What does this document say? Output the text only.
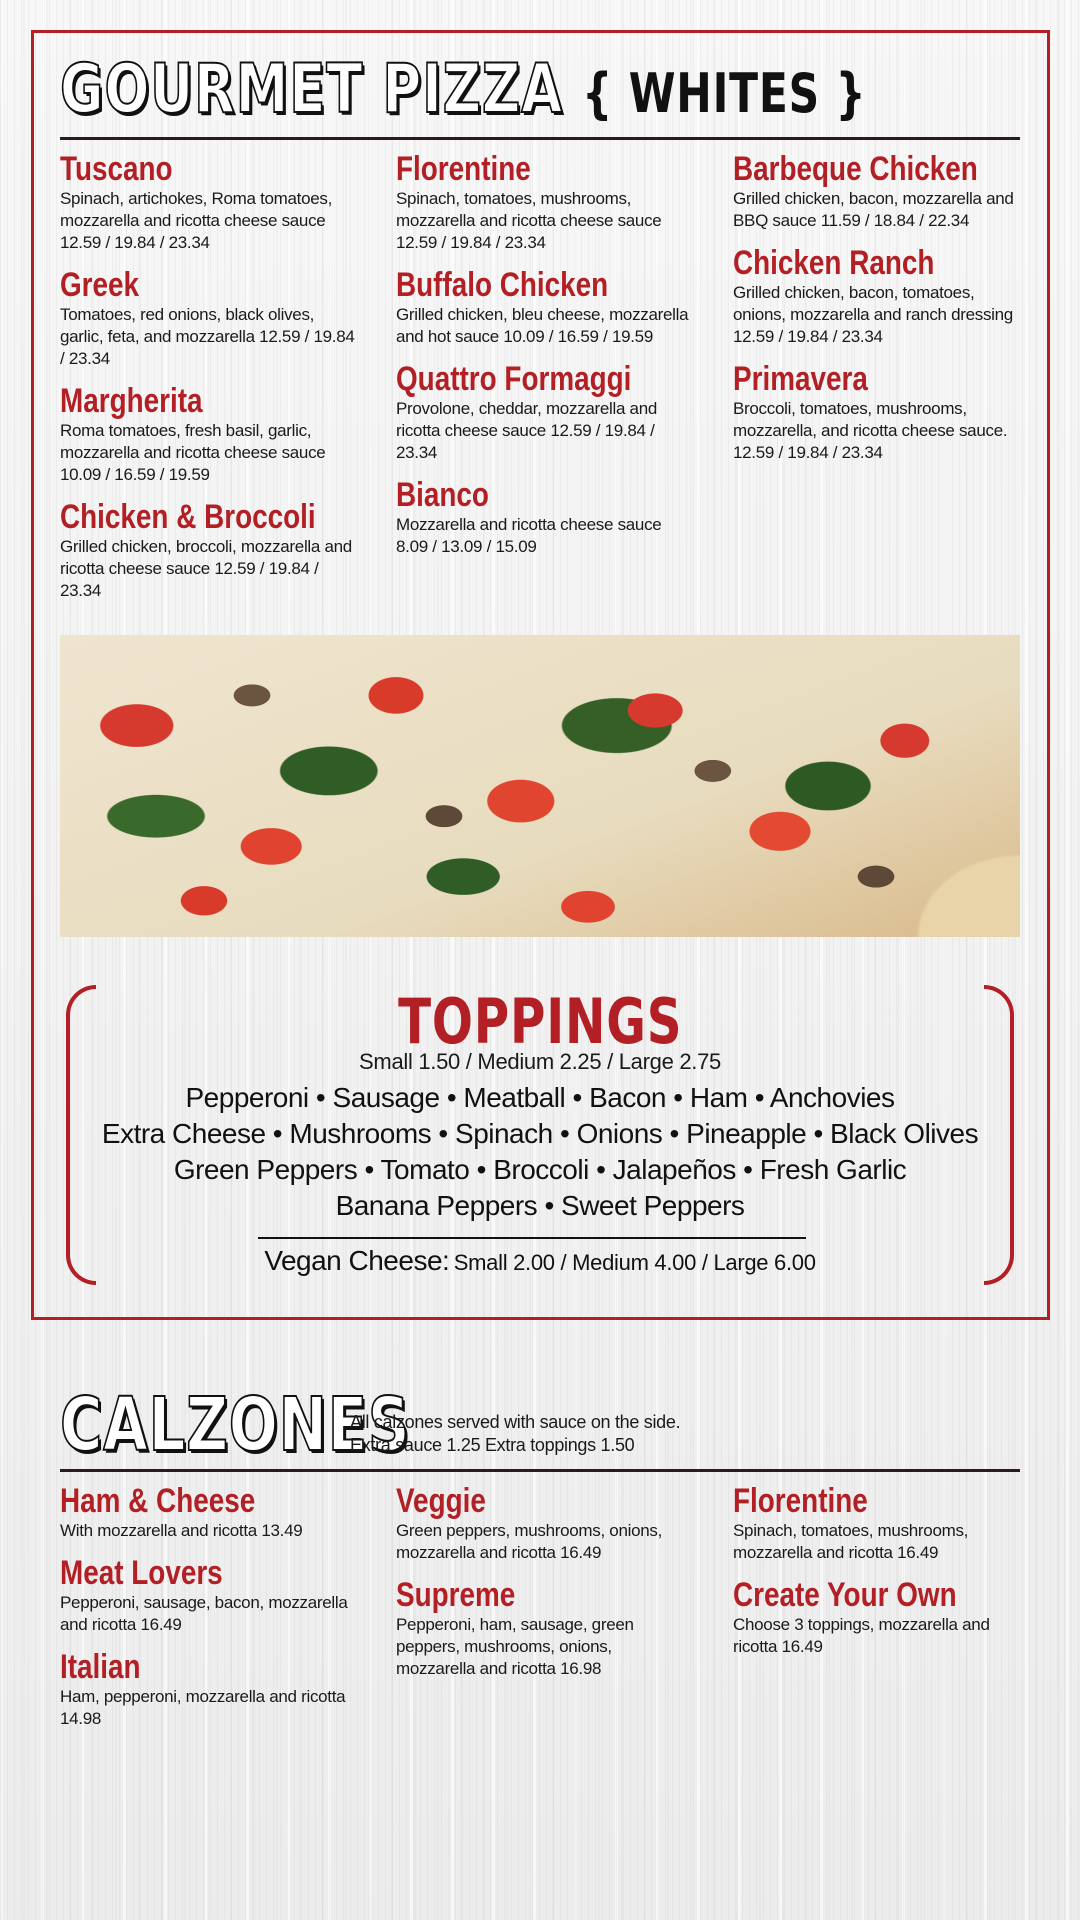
GOURMET PIZZA { WHITES }
Tuscano
Spinach, artichokes, Roma tomatoes, mozzarella and ricotta cheese sauce 12.59 / 19.84 / 23.34
Greek
Tomatoes, red onions, black olives, garlic, feta, and mozzarella 12.59 / 19.84 / 23.34
Margherita
Roma tomatoes, fresh basil, garlic, mozzarella and ricotta cheese sauce 10.09 / 16.59 / 19.59
Chicken & Broccoli
Grilled chicken, broccoli, mozzarella and ricotta cheese sauce 12.59 / 19.84 / 23.34
Florentine
Spinach, tomatoes, mushrooms, mozzarella and ricotta cheese sauce 12.59 / 19.84 / 23.34
Buffalo Chicken
Grilled chicken, bleu cheese, mozzarella and hot sauce 10.09 / 16.59 / 19.59
Quattro Formaggi
Provolone, cheddar, mozzarella and ricotta cheese sauce 12.59 / 19.84 / 23.34
Bianco
Mozzarella and ricotta cheese sauce 8.09 / 13.09 / 15.09
Barbeque Chicken
Grilled chicken, bacon, mozzarella and BBQ sauce 11.59 / 18.84 / 22.34
Chicken Ranch
Grilled chicken, bacon, tomatoes, onions, mozzarella and ranch dressing 12.59 / 19.84 / 23.34
Primavera
Broccoli, tomatoes, mushrooms, mozzarella, and ricotta cheese sauce. 12.59 / 19.84 / 23.34
TOPPINGS
Small 1.50 / Medium 2.25 / Large 2.75
Pepperoni • Sausage • Meatball • Bacon • Ham • Anchovies
Extra Cheese • Mushrooms • Spinach • Onions • Pineapple • Black Olives
Green Peppers • Tomato • Broccoli • Jalapeños • Fresh Garlic
Banana Peppers • Sweet Peppers
Vegan Cheese: Small 2.00 / Medium 4.00 / Large 6.00
CALZONES
All calzones served with sauce on the side.
Extra sauce 1.25 Extra toppings 1.50
Ham & Cheese
With mozzarella and ricotta 13.49
Meat Lovers
Pepperoni, sausage, bacon, mozzarella and ricotta 16.49
Italian
Ham, pepperoni, mozzarella and ricotta 14.98
Veggie
Green peppers, mushrooms, onions, mozzarella and ricotta 16.49
Supreme
Pepperoni, ham, sausage, green peppers, mushrooms, onions, mozzarella and ricotta 16.98
Florentine
Spinach, tomatoes, mushrooms, mozzarella and ricotta 16.49
Create Your Own
Choose 3 toppings, mozzarella and ricotta 16.49
